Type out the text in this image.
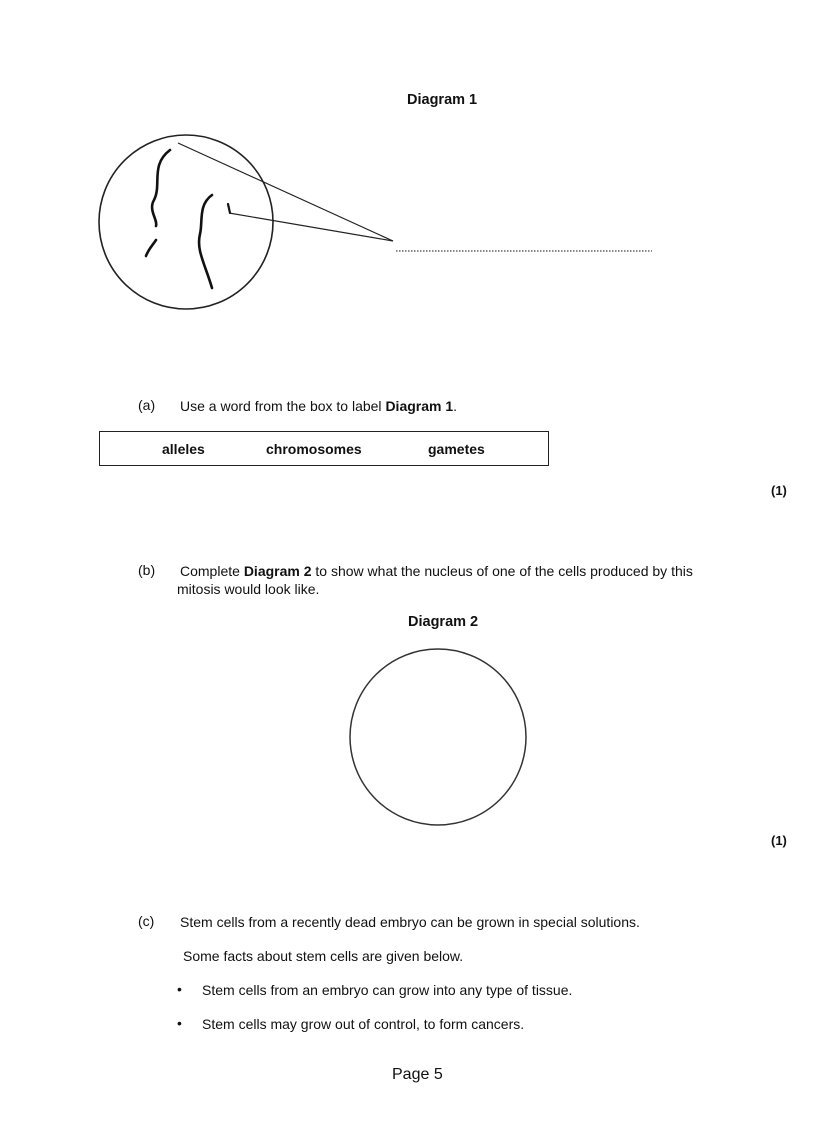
Diagram 1
(a) Use a word from the box to label Diagram 1.
alleles	chromosomes	gametes
(1)
(b) Complete Diagram 2 to show what the nucleus of one of the cells produced by this
mitosis would look like.
Diagram 2
(1)
(c) Stem cells from a recently dead embryo can be grown in special solutions.
Some facts about stem cells are given below.
• Stem cells from an embryo can grow into any type of tissue.
• Stem cells may grow out of control, to form cancers.
Page 5
